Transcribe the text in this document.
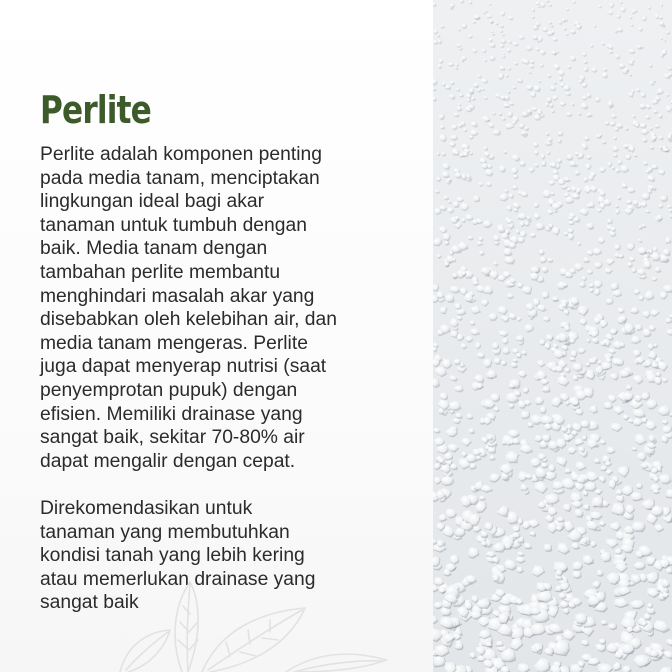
Perlite
Perlite adalah komponen penting
pada media tanam, menciptakan
lingkungan ideal bagi akar
tanaman untuk tumbuh dengan
baik. Media tanam dengan
tambahan perlite membantu
menghindari masalah akar yang
disebabkan oleh kelebihan air, dan
media tanam mengeras. Perlite
juga dapat menyerap nutrisi (saat
penyemprotan pupuk) dengan
efisien. Memiliki drainase yang
sangat baik, sekitar 70-80% air
dapat mengalir dengan cepat.
Direkomendasikan untuk
tanaman yang membutuhkan
kondisi tanah yang lebih kering
atau memerlukan drainase yang
sangat baik
